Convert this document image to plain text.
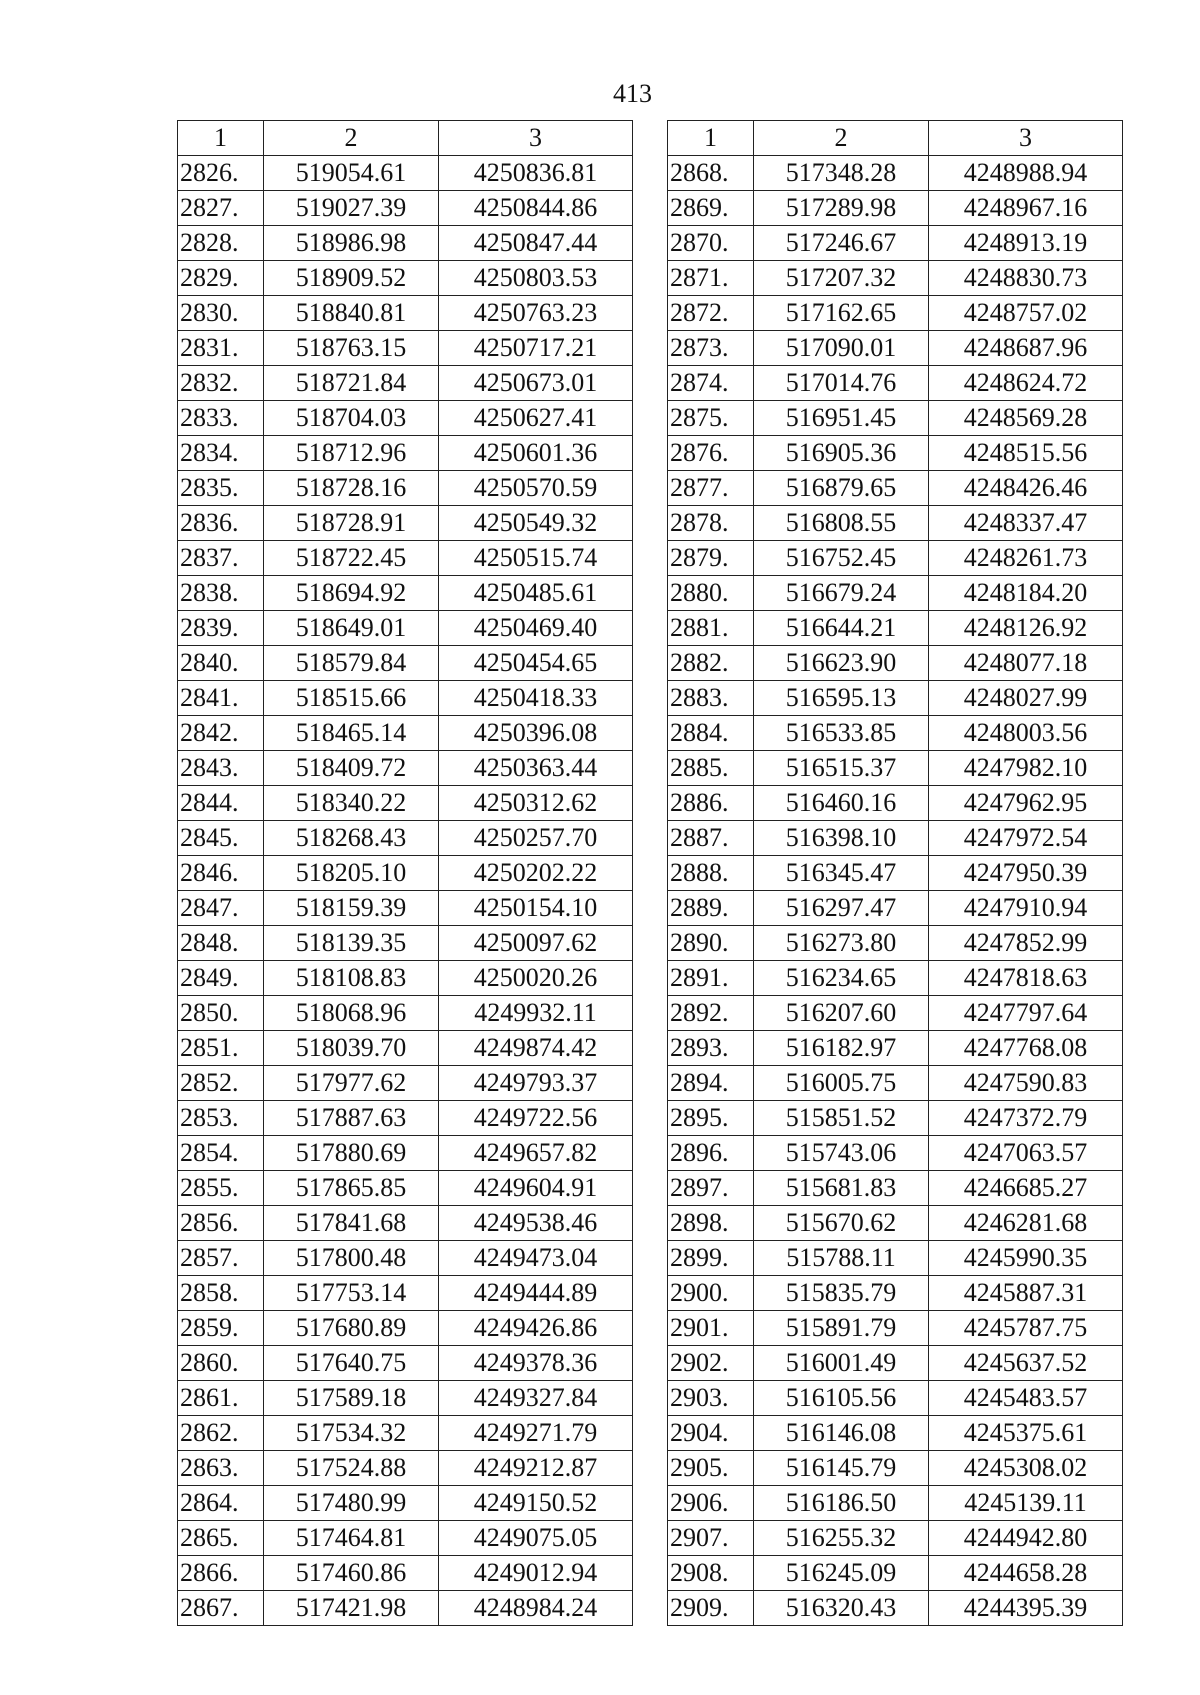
413
1	2	3
2826.	519054.61	4250836.81
2827.	519027.39	4250844.86
2828.	518986.98	4250847.44
2829.	518909.52	4250803.53
2830.	518840.81	4250763.23
2831.	518763.15	4250717.21
2832.	518721.84	4250673.01
2833.	518704.03	4250627.41
2834.	518712.96	4250601.36
2835.	518728.16	4250570.59
2836.	518728.91	4250549.32
2837.	518722.45	4250515.74
2838.	518694.92	4250485.61
2839.	518649.01	4250469.40
2840.	518579.84	4250454.65
2841.	518515.66	4250418.33
2842.	518465.14	4250396.08
2843.	518409.72	4250363.44
2844.	518340.22	4250312.62
2845.	518268.43	4250257.70
2846.	518205.10	4250202.22
2847.	518159.39	4250154.10
2848.	518139.35	4250097.62
2849.	518108.83	4250020.26
2850.	518068.96	4249932.11
2851.	518039.70	4249874.42
2852.	517977.62	4249793.37
2853.	517887.63	4249722.56
2854.	517880.69	4249657.82
2855.	517865.85	4249604.91
2856.	517841.68	4249538.46
2857.	517800.48	4249473.04
2858.	517753.14	4249444.89
2859.	517680.89	4249426.86
2860.	517640.75	4249378.36
2861.	517589.18	4249327.84
2862.	517534.32	4249271.79
2863.	517524.88	4249212.87
2864.	517480.99	4249150.52
2865.	517464.81	4249075.05
2866.	517460.86	4249012.94
2867.	517421.98	4248984.24
1	2	3
2868.	517348.28	4248988.94
2869.	517289.98	4248967.16
2870.	517246.67	4248913.19
2871.	517207.32	4248830.73
2872.	517162.65	4248757.02
2873.	517090.01	4248687.96
2874.	517014.76	4248624.72
2875.	516951.45	4248569.28
2876.	516905.36	4248515.56
2877.	516879.65	4248426.46
2878.	516808.55	4248337.47
2879.	516752.45	4248261.73
2880.	516679.24	4248184.20
2881.	516644.21	4248126.92
2882.	516623.90	4248077.18
2883.	516595.13	4248027.99
2884.	516533.85	4248003.56
2885.	516515.37	4247982.10
2886.	516460.16	4247962.95
2887.	516398.10	4247972.54
2888.	516345.47	4247950.39
2889.	516297.47	4247910.94
2890.	516273.80	4247852.99
2891.	516234.65	4247818.63
2892.	516207.60	4247797.64
2893.	516182.97	4247768.08
2894.	516005.75	4247590.83
2895.	515851.52	4247372.79
2896.	515743.06	4247063.57
2897.	515681.83	4246685.27
2898.	515670.62	4246281.68
2899.	515788.11	4245990.35
2900.	515835.79	4245887.31
2901.	515891.79	4245787.75
2902.	516001.49	4245637.52
2903.	516105.56	4245483.57
2904.	516146.08	4245375.61
2905.	516145.79	4245308.02
2906.	516186.50	4245139.11
2907.	516255.32	4244942.80
2908.	516245.09	4244658.28
2909.	516320.43	4244395.39
